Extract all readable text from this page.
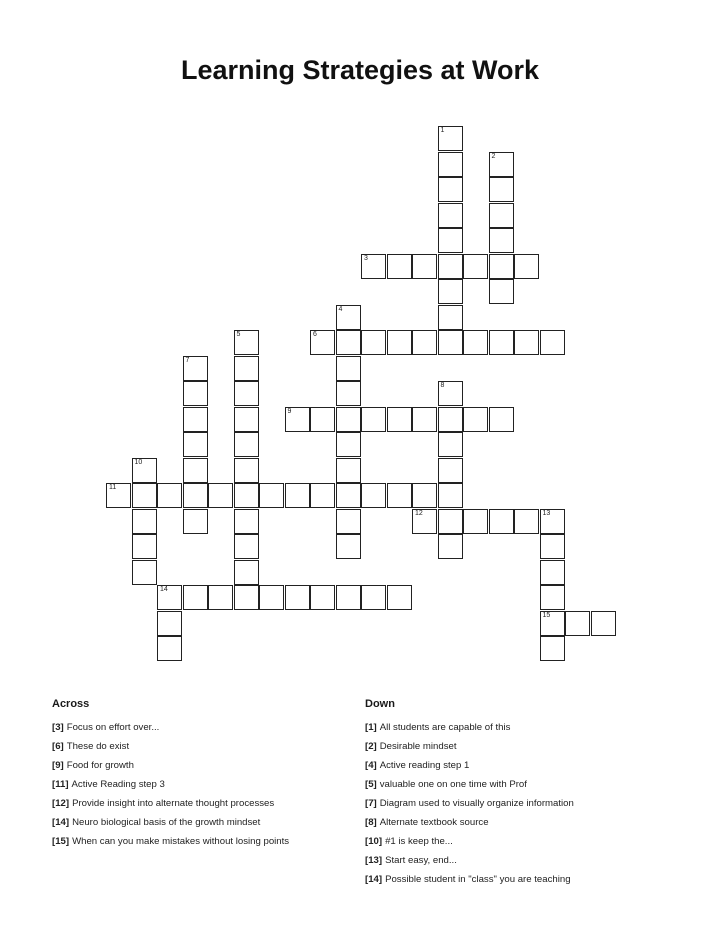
Learning Strategies at Work
1
2
3
4
5	6
7
8
9
10
11
12	13
15
14
Across
[3] Focus on effort over...
[6] These do exist
[9] Food for growth
[11] Active Reading step 3
[12] Provide insight into alternate thought processes
[14] Neuro biological basis of the growth mindset
[15] When can you make mistakes without losing points
Down
[1] All students are capable of this
[2] Desirable mindset
[4] Active reading step 1
[5] valuable one on one time with Prof
[7] Diagram used to visually organize information
[8] Alternate textbook source
[10] #1 is keep the...
[13] Start easy, end...
[14] Possible student in "class" you are teaching
